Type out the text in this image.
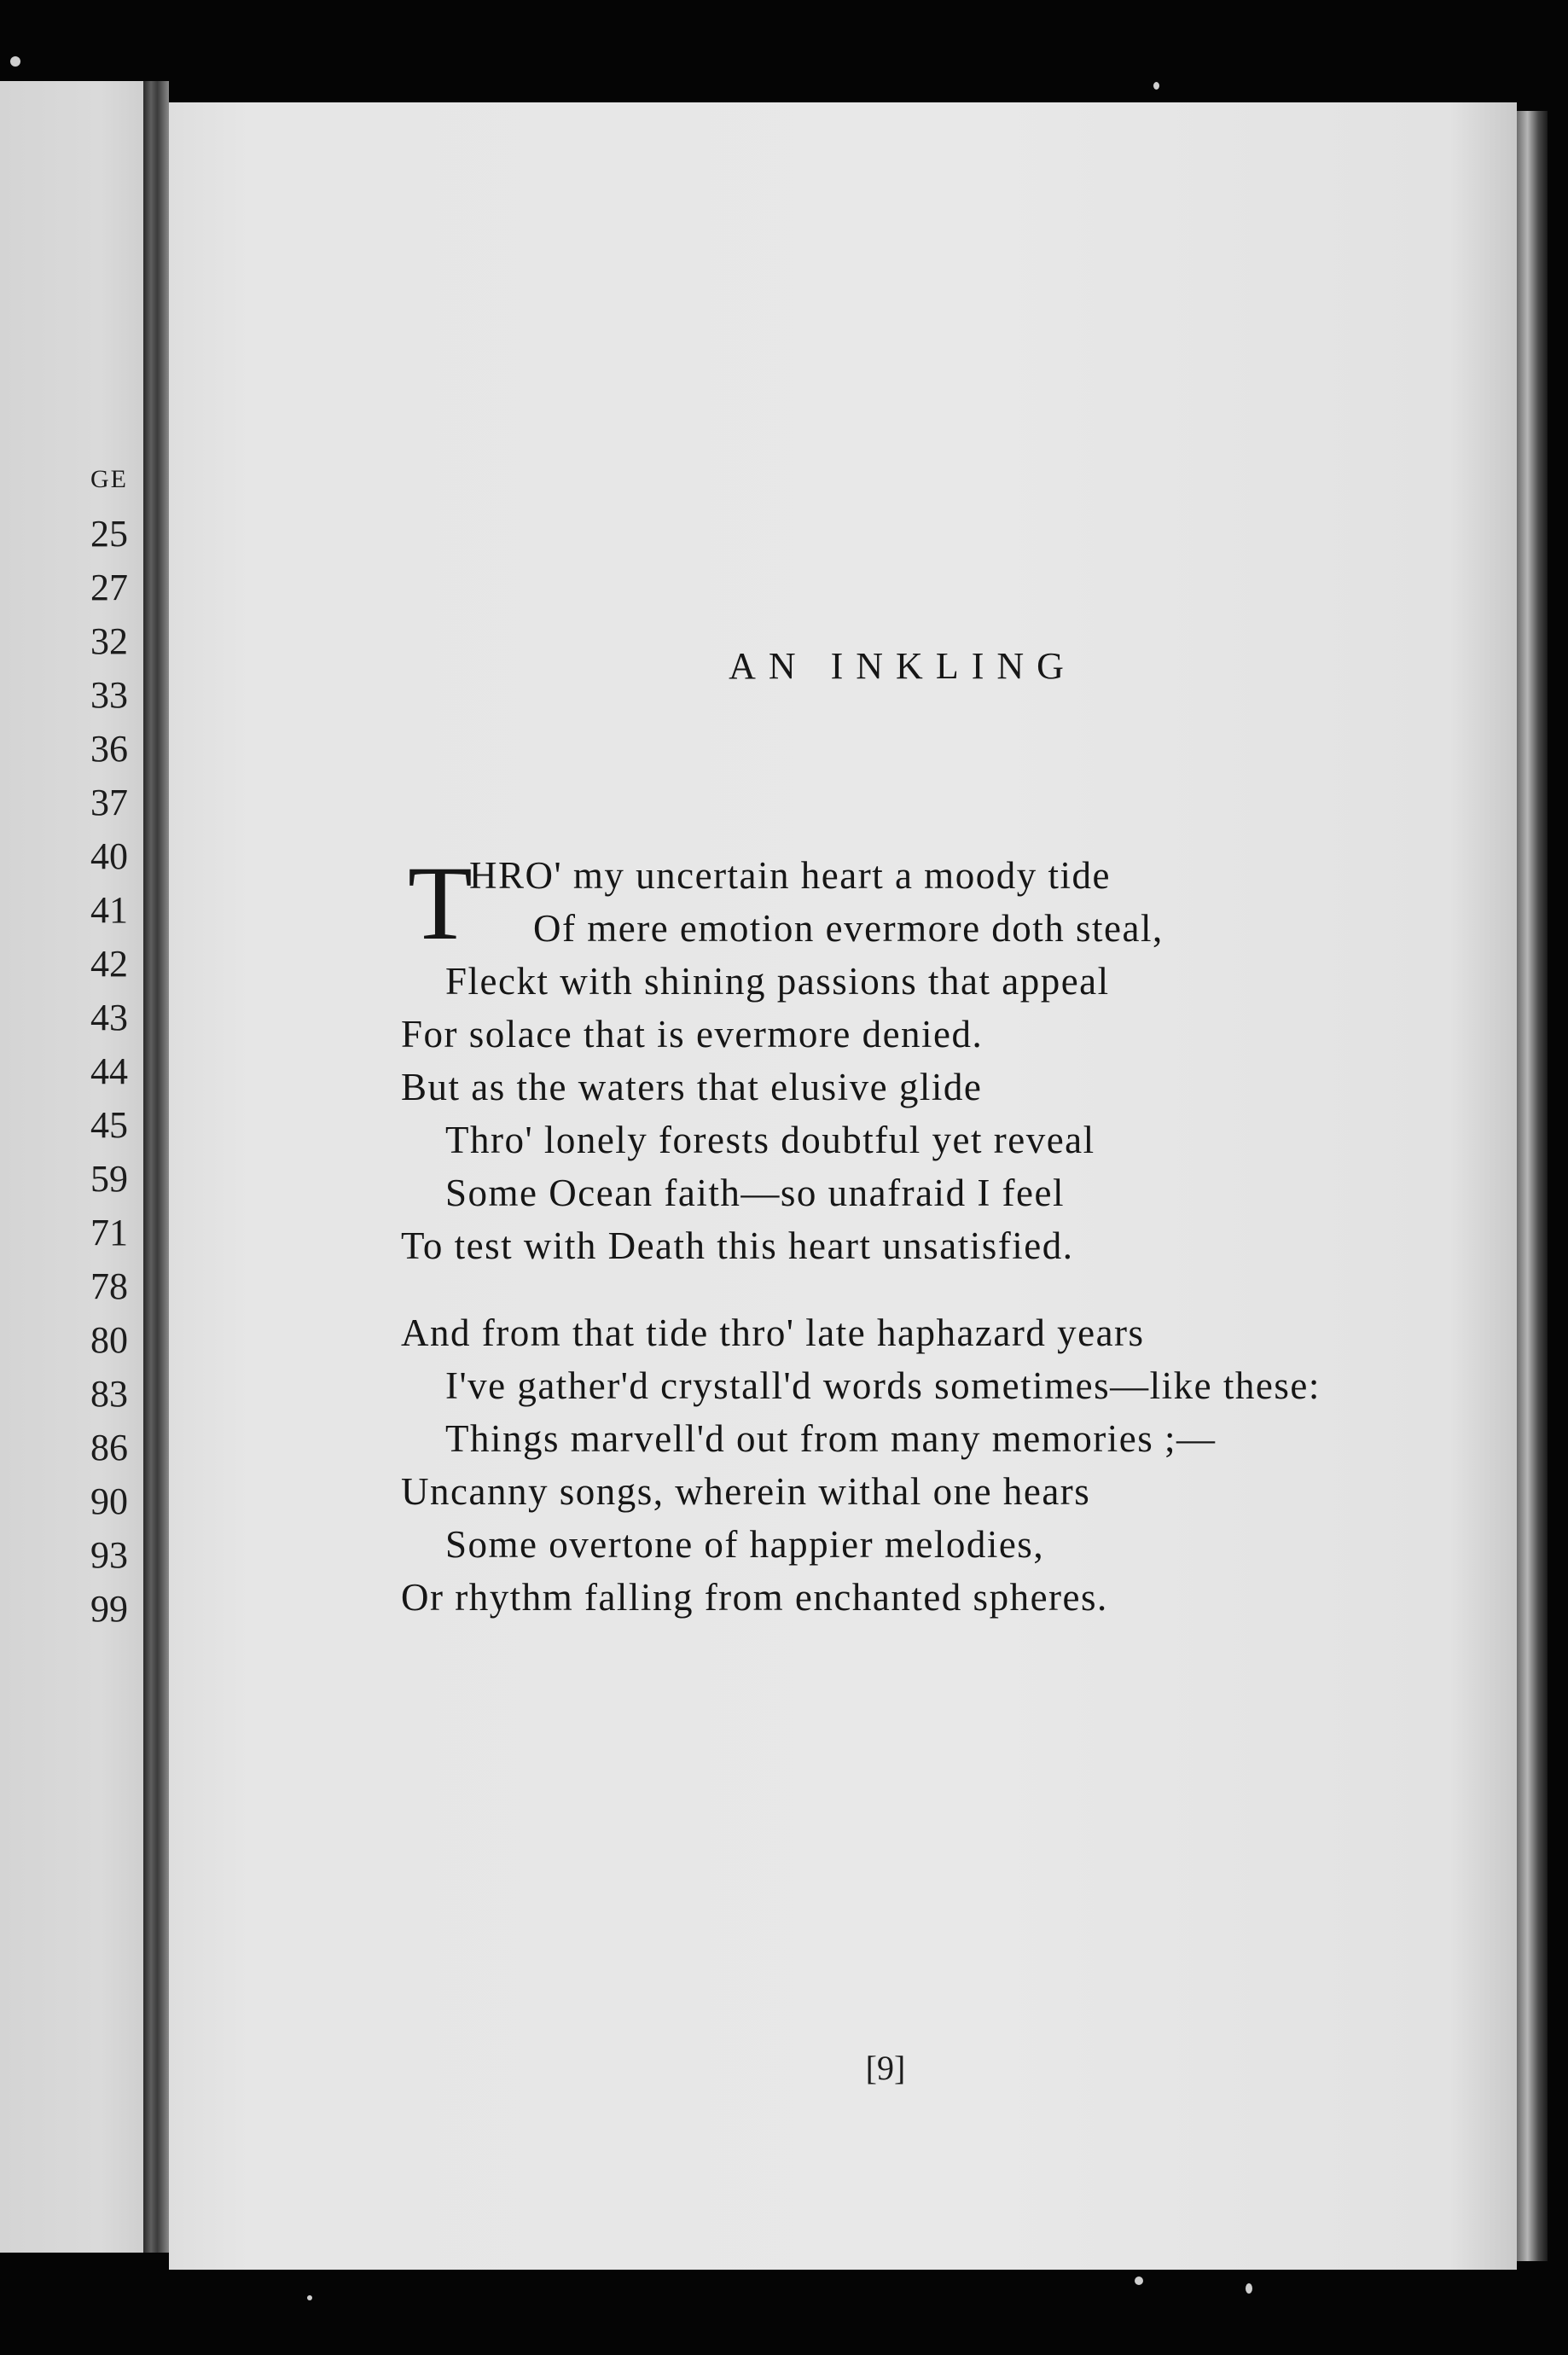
GE
25
27
32
33
36
37
40
41
42
43
44
45
59
71
78
80
83
86
90
93
99
AN INKLING
T
HRO' my uncertain heart a moody tide
Of mere emotion evermore doth steal,
Fleckt with shining passions that appeal
For solace that is evermore denied.
But as the waters that elusive glide
Thro' lonely forests doubtful yet reveal
Some Ocean faith—so unafraid I feel
To test with Death this heart unsatisfied.
And from that tide thro' late haphazard years
I've gather'd crystall'd words sometimes—like these:
Things marvell'd out from many memories ;—
Uncanny songs, wherein withal one hears
Some overtone of happier melodies,
Or rhythm falling from enchanted spheres.
[9]
